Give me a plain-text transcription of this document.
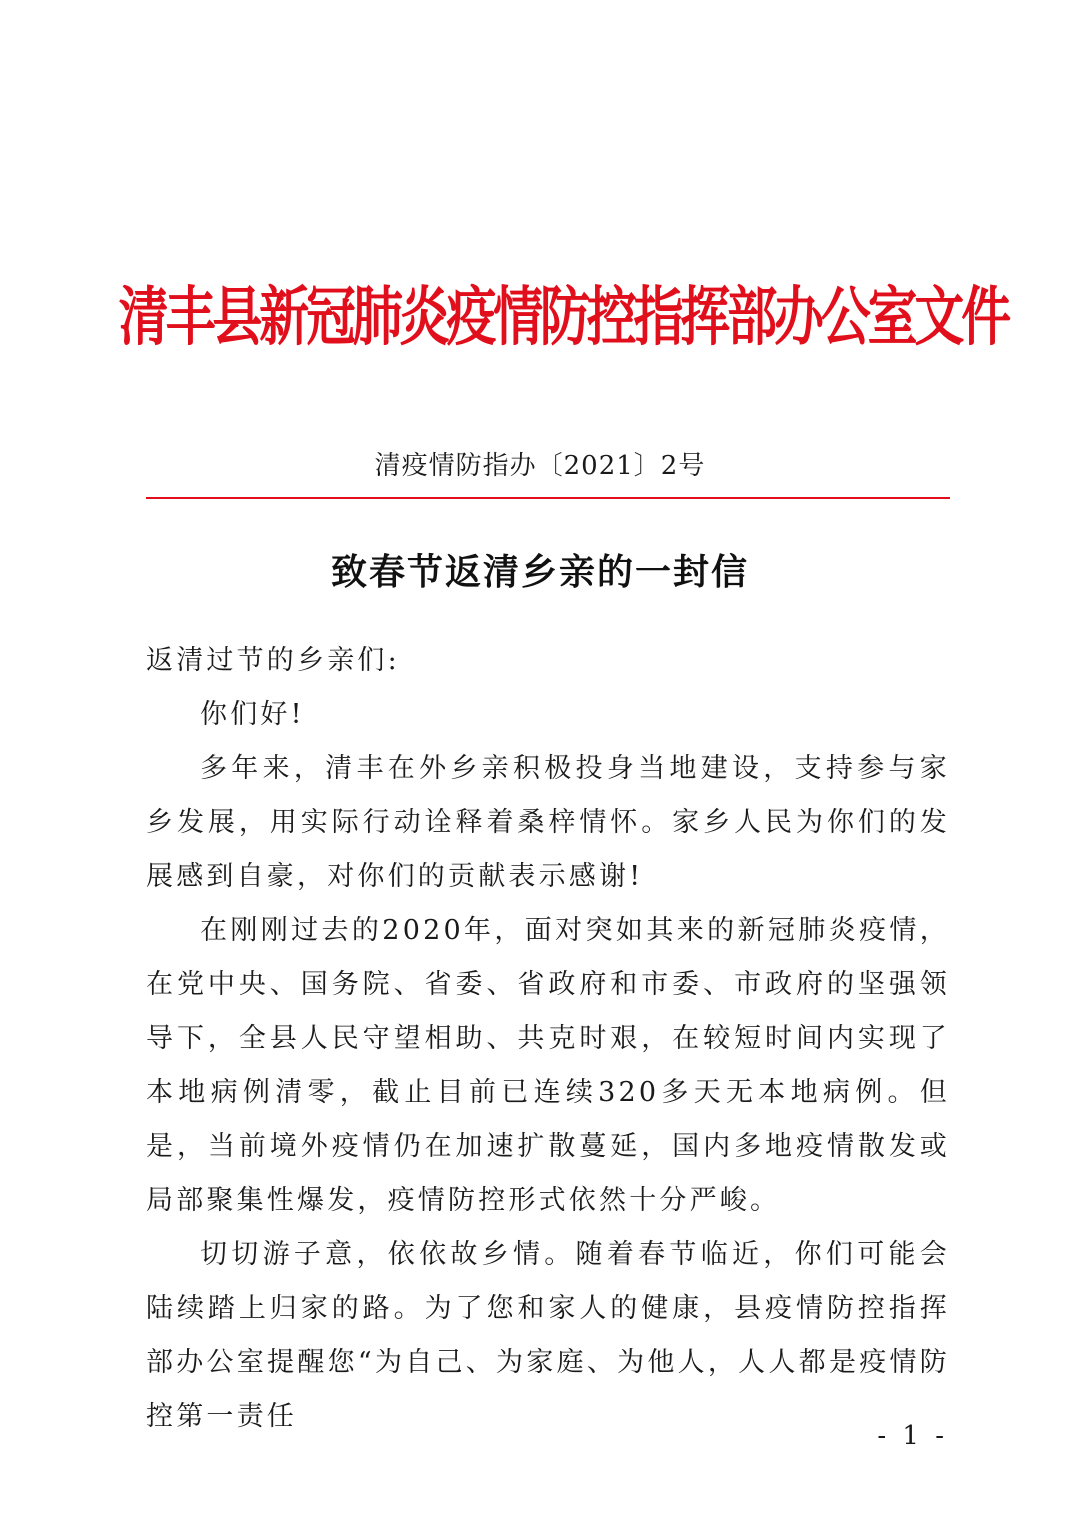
清丰县新冠肺炎疫情防控指挥部办公室文件
清疫情防指办〔2021〕2号
致春节返清乡亲的一封信

返清过节的乡亲们:

你们好!

多年来，清丰在外乡亲积极投身当地建设，支持参与家乡发展，用实际行动诠释着桑梓情怀。家乡人民为你们的发展感到自豪，对你们的贡献表示感谢!

在刚刚过去的2020年，面对突如其来的新冠肺炎疫情，在党中央、国务院、省委、省政府和市委、市政府的坚强领导下，全县人民守望相助、共克时艰，在较短时间内实现了本地病例清零，截止目前已连续320多天无本地病例。但是，当前境外疫情仍在加速扩散蔓延，国内多地疫情散发或局部聚集性爆发，疫情防控形式依然十分严峻。

切切游子意，依依故乡情。随着春节临近，你们可能会陆续踏上归家的路。为了您和家人的健康，县疫情防控指挥部办公室提醒您“为自己、为家庭、为他人，人人都是疫情防控第一责任

- 1 -
